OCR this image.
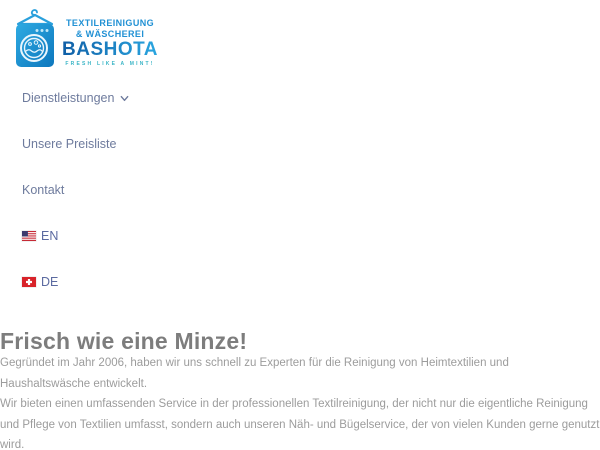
TEXTILREINIGUNG
& WÄSCHEREI
BASHOTA
FRESH LIKE A MINT!
Dienstleistungen
Unsere Preisliste
Kontakt
EN
DE
Frisch wie eine Minze!

Gegründet im Jahr 2006, haben wir uns schnell zu Experten für die Reinigung von Heimtextilien und Haushaltswäsche entwickelt.

Wir bieten einen umfassenden Service in der professionellen Textilreinigung, der nicht nur die eigentliche Reinigung und Pflege von Textilien umfasst, sondern auch unseren Näh- und Bügelservice, der von vielen Kunden gerne genutzt wird.
